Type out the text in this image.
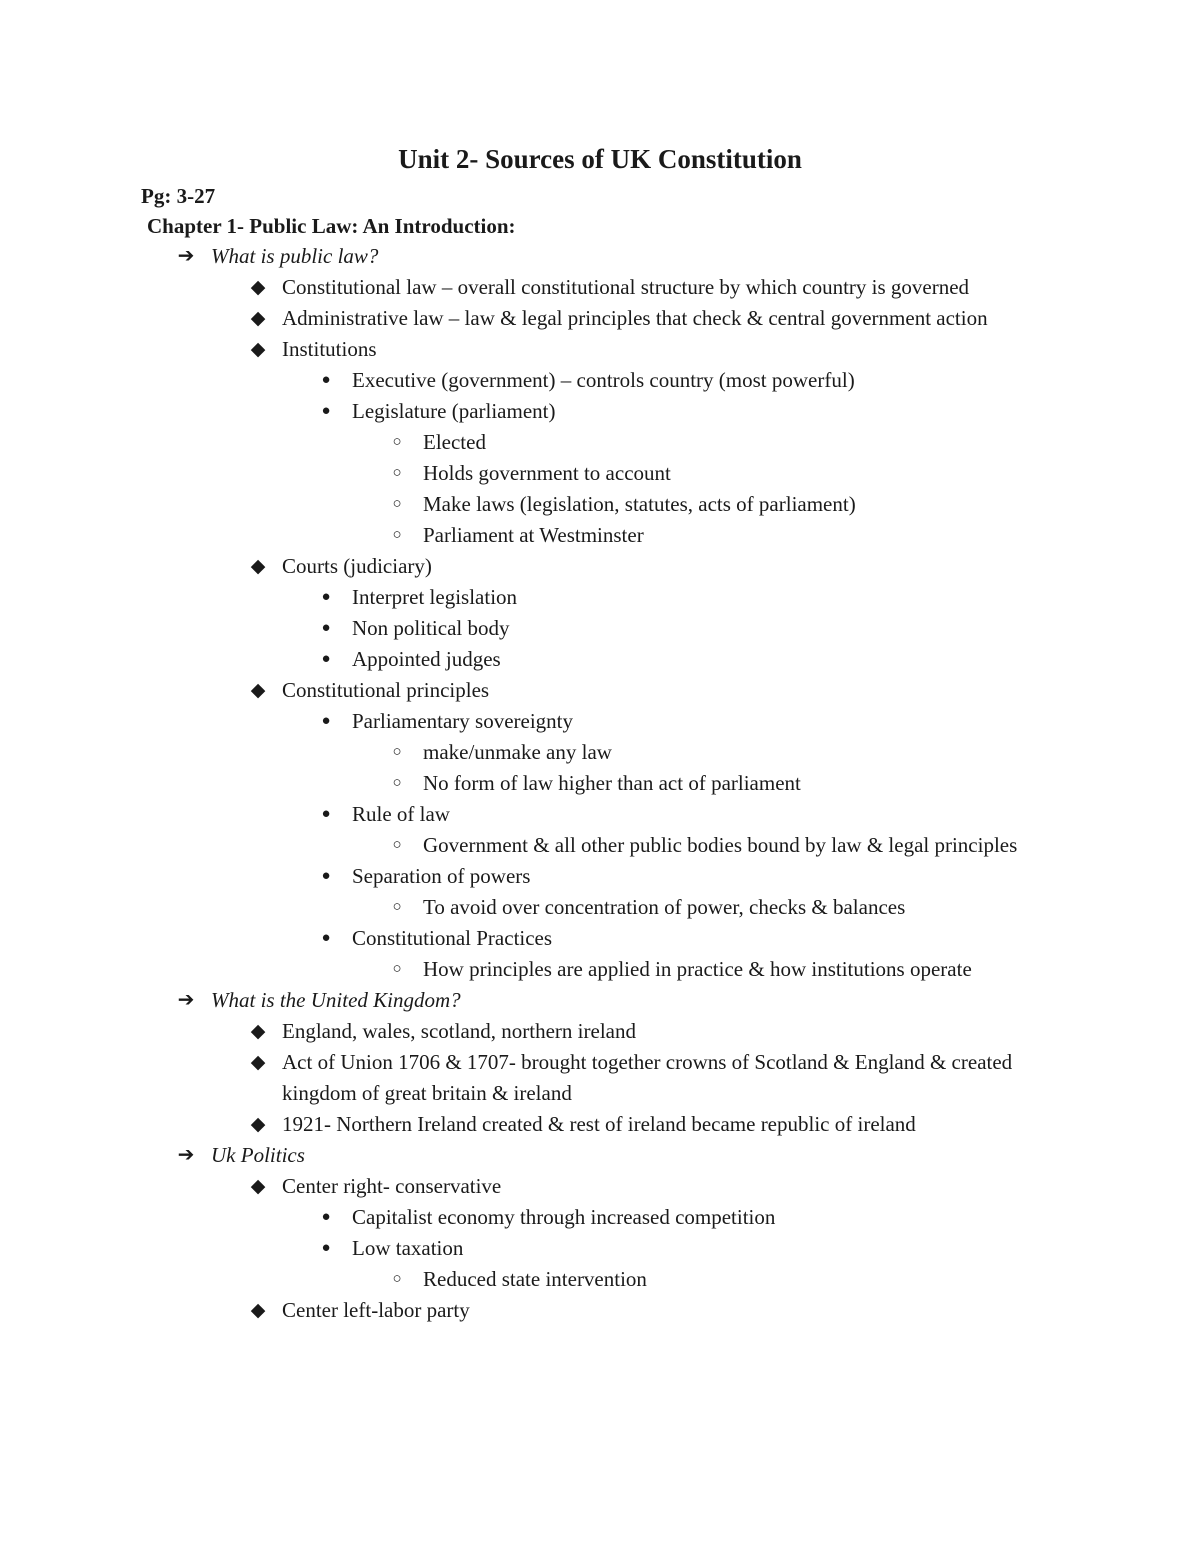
Unit 2- Sources of UK Constitution
Pg: 3-27
Chapter 1- Public Law: An Introduction:
➔ What is public law?
◆ Constitutional law – overall constitutional structure by which country is governed
◆ Administrative law – law & legal principles that check & central government action
◆ Institutions
● Executive (government) – controls country (most powerful)
● Legislature (parliament)
○ Elected
○ Holds government to account
○ Make laws (legislation, statutes, acts of parliament)
○ Parliament at Westminster
◆ Courts (judiciary)
● Interpret legislation
● Non political body
● Appointed judges
◆ Constitutional principles
● Parliamentary sovereignty
○ make/unmake any law
○ No form of law higher than act of parliament
● Rule of law
○ Government & all other public bodies bound by law & legal principles
● Separation of powers
○ To avoid over concentration of power, checks & balances
● Constitutional Practices
○ How principles are applied in practice & how institutions operate
➔ What is the United Kingdom?
◆ England, wales, scotland, northern ireland
◆ Act of Union 1706 & 1707- brought together crowns of Scotland & England & created kingdom of great britain & ireland
◆ 1921- Northern Ireland created & rest of ireland became republic of ireland
➔ Uk Politics
◆ Center right- conservative
● Capitalist economy through increased competition
● Low taxation
○ Reduced state intervention
◆ Center left-labor party
